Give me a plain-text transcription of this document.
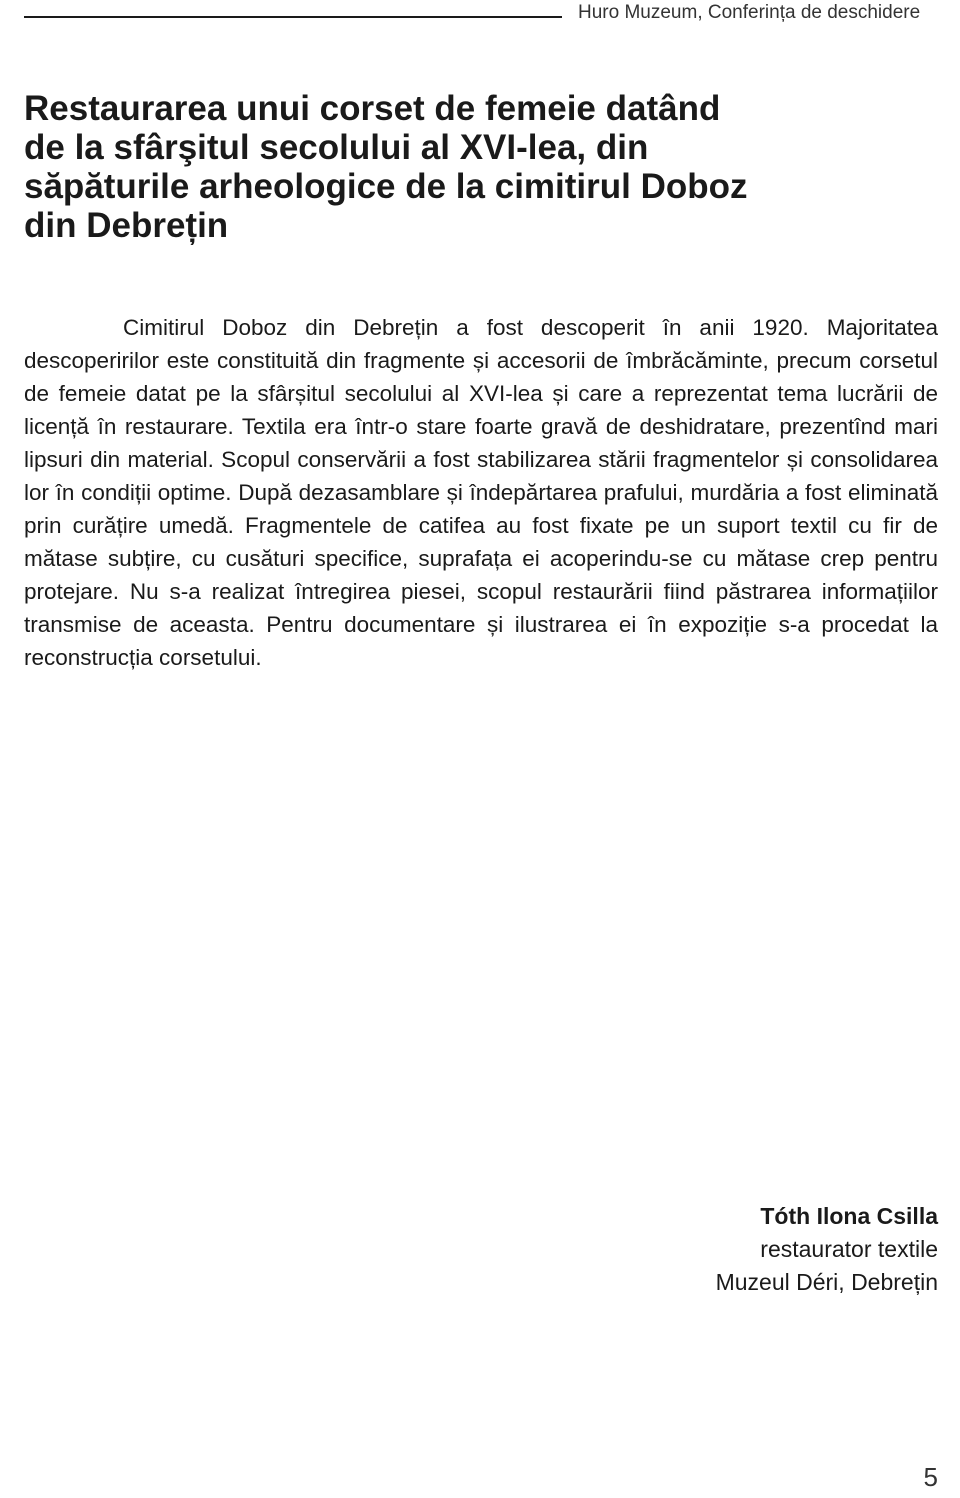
Huro Muzeum, Conferința de deschidere
Restaurarea unui corset de femeie datând
de la sfârşitul secolului al XVI-lea, din
săpăturile arheologice de la cimitirul Doboz
din Debrețin

Cimitirul Doboz din Debrețin a fost descoperit în anii 1920. Majoritatea descoperirilor este constituită din fragmente și accesorii de îmbrăcăminte, precum corsetul de femeie datat pe la sfârșitul secolului al XVI-lea și care a reprezentat tema lucrării de licență în restaurare. Textila era într-o stare foarte gravă de deshidratare, prezentînd mari lipsuri din material. Scopul conservării a fost stabilizarea stării fragmentelor și consolidarea lor în condiții optime. După dezasamblare și îndepărtarea prafului, murdăria a fost eliminată prin curățire umedă. Fragmentele de catifea au fost fixate pe un suport textil cu fir de mătase subțire, cu cusături specifice, suprafața ei acoperindu-se cu mătase crep pentru protejare. Nu s-a realizat întregirea piesei, scopul restaurării fiind păstrarea informațiilor transmise de aceasta. Pentru documentare și ilustrarea ei în expoziție s-a procedat la reconstrucția corsetului.

Tóth Ilona Csilla
restaurator textile
Muzeul Déri, Debrețin
5
